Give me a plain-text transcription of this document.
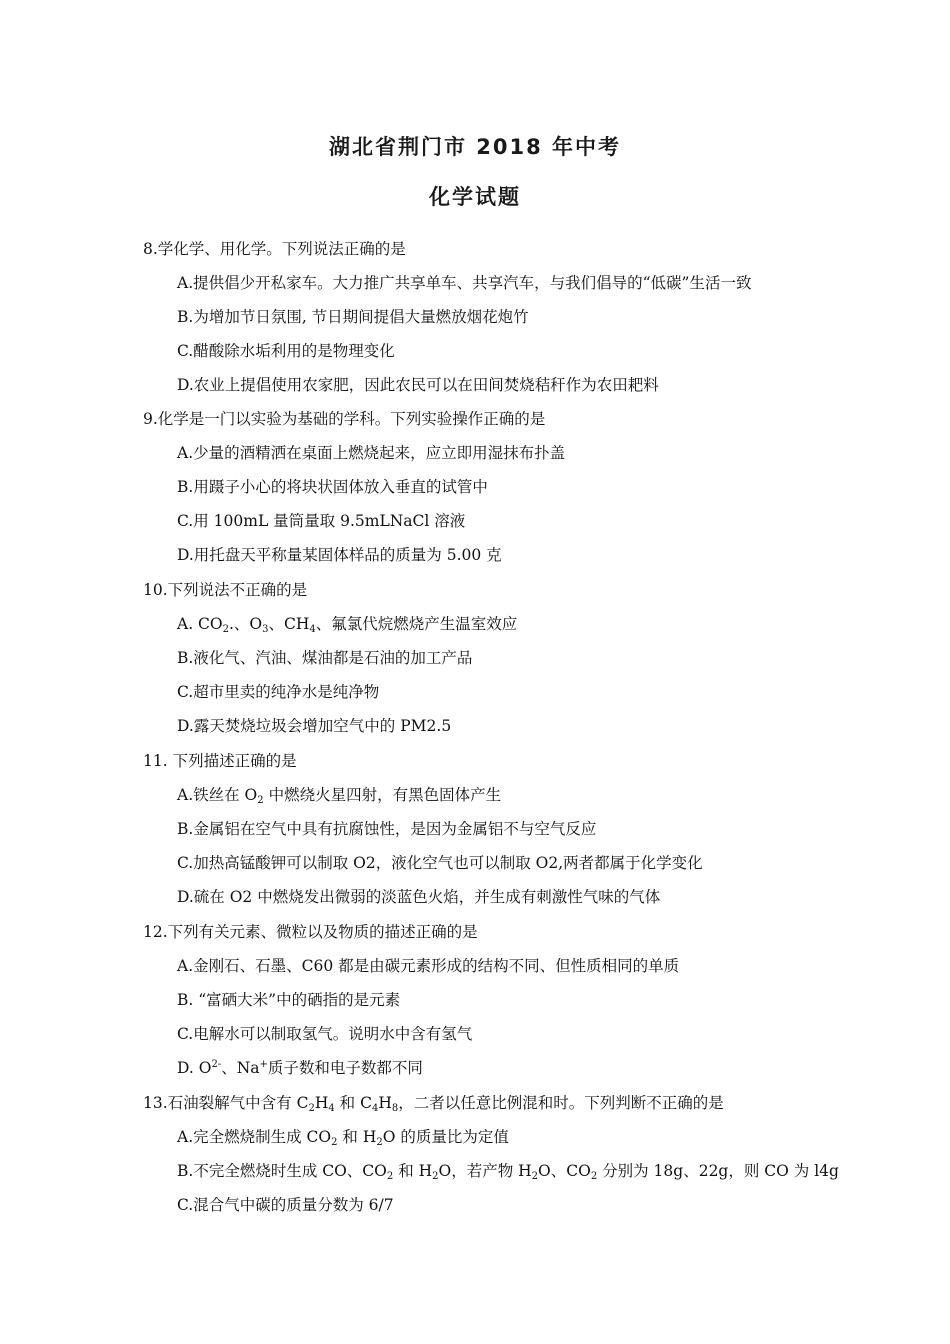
湖北省荆门市 2018 年中考
化学试题
8.学化学、用化学。下列说法正确的是
A.提供倡少开私家车。大力推广共享单车、共享汽车，与我们倡导的“低碳”生活一致
B.为增加节日氛围, 节日期间提倡大量燃放烟花炮竹
C.醋酸除水垢利用的是物理变化
D.农业上提倡使用农家肥，因此农民可以在田间焚烧秸秆作为农田耙料
9.化学是一门以实验为基础的学科。下列实验操作正确的是
A.少量的酒精洒在桌面上燃烧起来，应立即用湿抹布扑盖
B.用蹑子小心的将块状固体放入垂直的试管中
C.用 100mL 量筒量取 9.5mLNaCl 溶液
D.用托盘天平称量某固体样品的质量为 5.00 克
10.下列说法不正确的是
A. $CO_2$.、$O_3$、$CH_4$、氟氯代烷燃烧产生温室效应
B.液化气、汽油、煤油都是石油的加工产品
C.超市里卖的纯净水是纯净物
D.露天焚烧垃圾会增加空气中的 PM2.5
11. 下列描述正确的是
A.铁丝在 $O_2$ 中燃绕火星四射，有黑色固体产生
B.金属铝在空气中具有抗腐蚀性，是因为金属铝不与空气反应
C.加热高锰酸钾可以制取 O2，液化空气也可以制取 O2,两者都属于化学变化
D.硫在 O2 中燃烧发出微弱的淡蓝色火焰，并生成有刺激性气味的气体
12.下列有关元素、微粒以及物质的描述正确的是
A.金刚石、石墨、C60 都是由碳元素形成的结构不同、但性质相同的单质
B. “富硒大米”中的硒指的是元素
C.电解水可以制取氢气。说明水中含有氢气
D. $O^{2-}$、Na+质子数和电子数都不同
13.石油裂解气中含有 $C_2H_4$ 和 $C_4H_8$，二者以任意比例混和时。下列判断不正确的是
A.完全燃烧制生成 $CO_2$ 和 $H_2O$ 的质量比为定值
B.不完全燃烧时生成 CO、$CO_2$ 和 $H_2O$，若产物 $H_2O$、$CO_2$ 分别为 18g、22g，则 CO 为 l4g
C.混合气中碳的质量分数为 6/7
